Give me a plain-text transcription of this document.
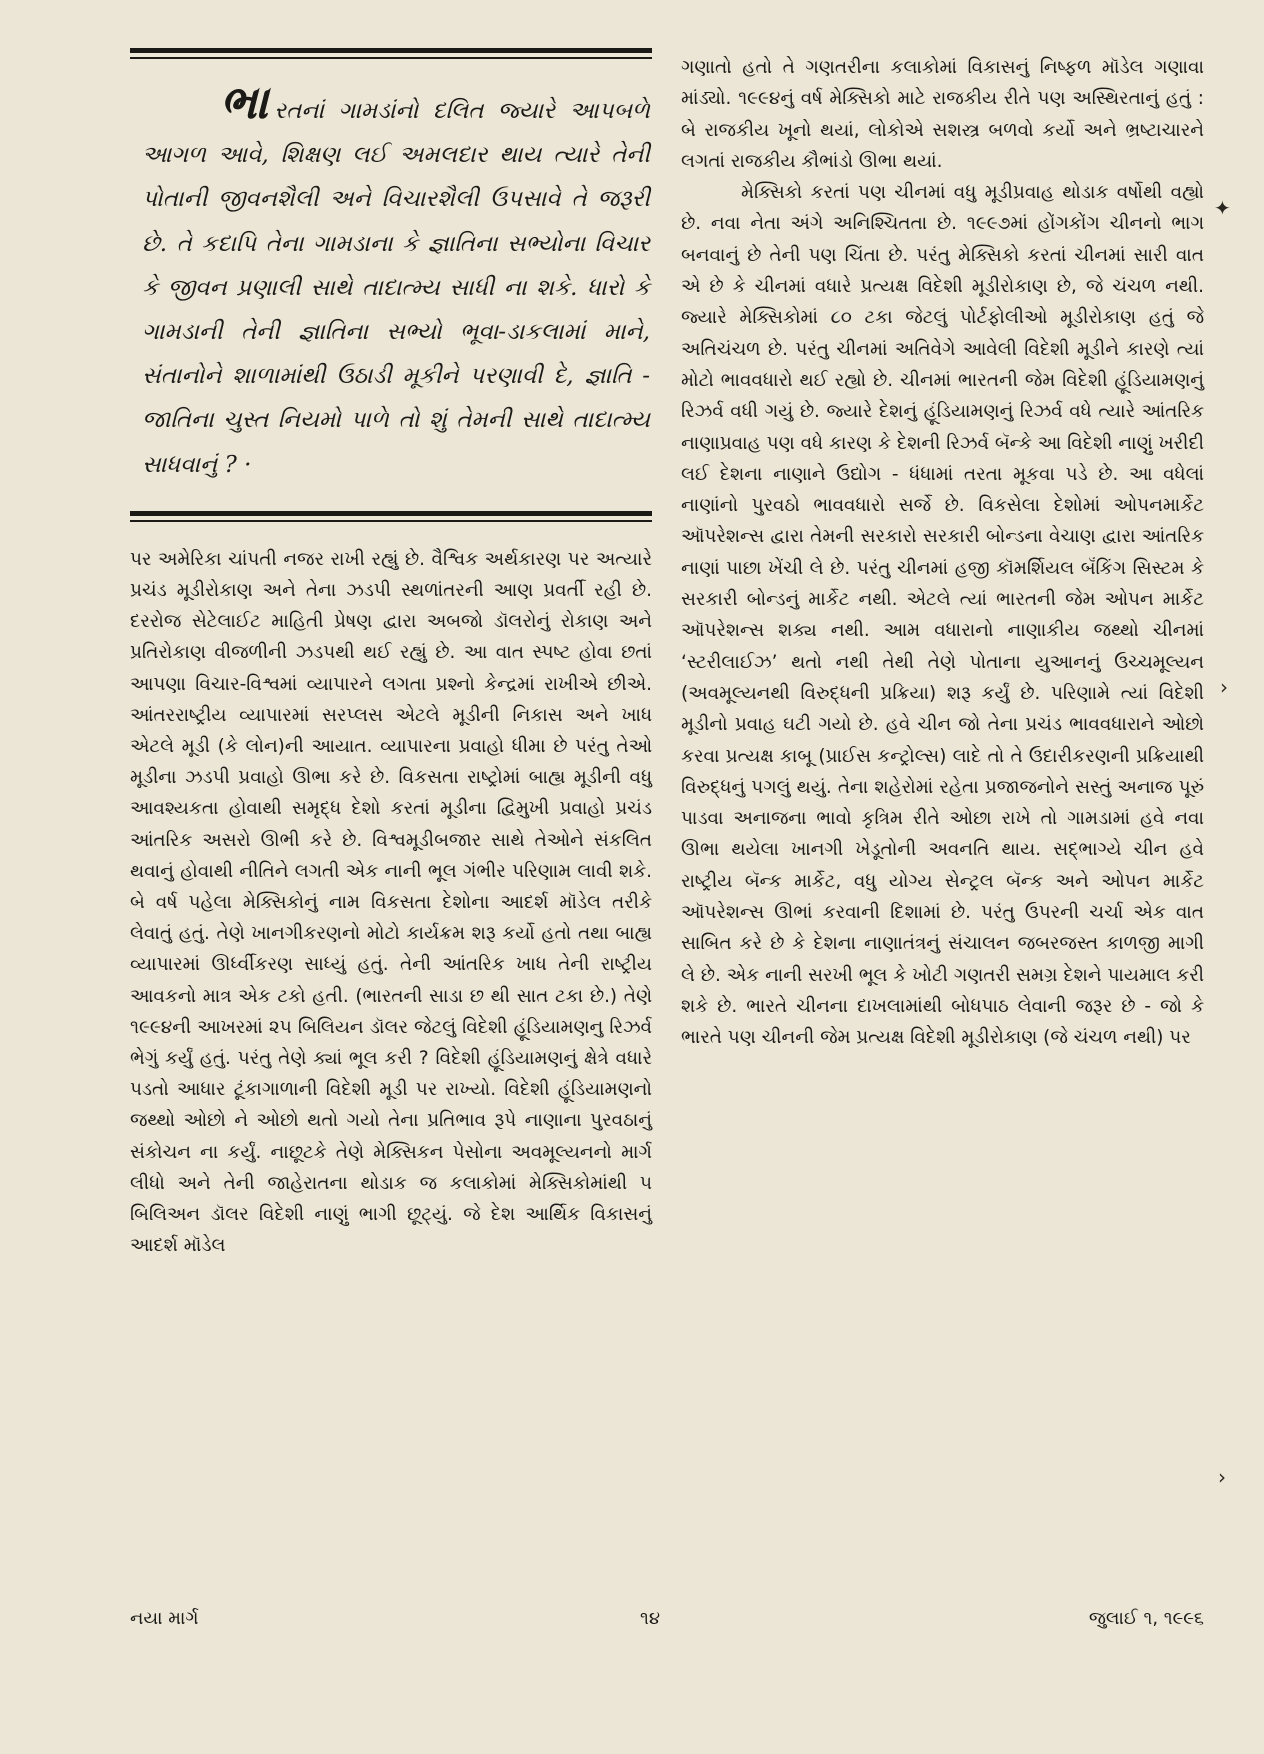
ભારતનાં ગામડાંનો દલિત જ્યારે આપબળે આગળ આવે, શિક્ષણ લઈ અમલદાર થાય ત્યારે તેની પોતાની જીવનશૈલી અને વિચારશૈલી ઉપસાવે તે જરૂરી છે. તે કદાપિ તેના ગામડાના કે જ્ઞાતિના સભ્યોના વિચાર કે જીવન પ્રણાલી સાથે તાદાત્મ્ય સાધી ના શકે. ધારો કે ગામડાની તેની જ્ઞાતિના સભ્યો ભૂવા-ડાકલામાં માને, સંતાનોને શાળામાંથી ઉઠાડી મૂકીને પરણાવી દે, જ્ઞાતિ - જાતિના ચુસ્ત નિયમો પાળે તો શું તેમની સાથે તાદાત્મ્ય સાધવાનું ? ·
પર અમેરિકા ચાંપતી નજર રાખી રહ્યું છે. વૈશ્વિક અર્થકારણ પર અત્યારે પ્રચંડ મૂડીરોકાણ અને તેના ઝડપી સ્થળાંતરની આણ પ્રવર્તી રહી છે. દરરોજ સેટેલાઈટ માહિતી પ્રેષણ દ્વારા અબજો ડૉલરોનું રોકાણ અને પ્રતિરોકાણ વીજળીની ઝડપથી થઈ રહ્યું છે. આ વાત સ્પષ્ટ હોવા છતાં આપણા વિચાર-વિશ્વમાં વ્યાપારને લગતા પ્રશ્નો કેન્દ્રમાં રાખીએ છીએ. આંતરરાષ્ટ્રીય વ્યાપારમાં સરપ્લસ એટલે મૂડીની નિકાસ અને ખાધ એટલે મૂડી (કે લોન)ની આયાત. વ્યાપારના પ્રવાહો ધીમા છે પરંતુ તેઓ મૂડીના ઝડપી પ્રવાહો ઊભા કરે છે. વિકસતા રાષ્ટ્રોમાં બાહ્ય મૂડીની વધુ આવશ્યકતા હોવાથી સમૃદ્ધ દેશો કરતાં મૂડીના દ્વિમુખી પ્રવાહો પ્રચંડ આંતરિક અસરો ઊભી કરે છે. વિશ્વમૂડીબજાર સાથે તેઓને સંકલિત થવાનું હોવાથી નીતિને લગતી એક નાની ભૂલ ગંભીર પરિણામ લાવી શકે. બે વર્ષ પહેલા મેક્સિકોનું નામ વિકસતા દેશોના આદર્શ મૉડેલ તરીકે લેવાતું હતું. તેણે ખાનગીકરણનો મોટો કાર્યક્રમ શરૂ કર્યો હતો તથા બાહ્ય વ્યાપારમાં ઊર્ધ્વીકરણ સાધ્યું હતું. તેની આંતરિક ખાધ તેની રાષ્ટ્રીય આવકનો માત્ર એક ટકો હતી. (ભારતની સાડા છ થી સાત ટકા છે.) તેણે ૧૯૯૪ની આખરમાં ૨૫ બિલિયન ડૉલર જેટલું વિદેશી હૂંડિયામણનુ રિઝર્વ ભેગું કર્યું હતું. પરંતુ તેણે ક્યાં ભૂલ કરી ? વિદેશી હૂંડિયામણનું ક્ષેત્રે વધારે પડતો આધાર ટૂંકાગાળાની વિદેશી મૂડી પર રાખ્યો. વિદેશી હૂંડિયામણનો જથ્થો ઓછો ને ઓછો થતો ગયો તેના પ્રતિભાવ રૂપે નાણાના પુરવઠાનું સંકોચન ના કર્યું. નાછૂટકે તેણે મેક્સિકન પેસોના અવમૂલ્યનનો માર્ગ લીધો અને તેની જાહેરાતના થોડાક જ કલાકોમાં મેક્સિકોમાંથી ૫ બિલિઅન ડૉલર વિદેશી નાણું ભાગી છૂટ્યું. જે દેશ આર્થિક વિકાસનું આદર્શ મૉડેલ

ગણાતો હતો તે ગણતરીના કલાકોમાં વિકાસનું નિષ્ફળ મૉડેલ ગણાવા માંડ્યો. ૧૯૯૪નું વર્ષ મેક્સિકો માટે રાજકીય રીતે પણ અસ્થિરતાનું હતું : બે રાજકીય ખૂનો થયાં, લોકોએ સશસ્ત્ર બળવો કર્યો અને ભ્રષ્ટાચારને લગતાં રાજકીય કૌભાંડો ઊભા થયાં.

મેક્સિકો કરતાં પણ ચીનમાં વધુ મૂડીપ્રવાહ થોડાક વર્ષોથી વહ્યો છે. નવા નેતા અંગે અનિશ્ચિતતા છે. ૧૯૯૭માં હોંગકોંગ ચીનનો ભાગ બનવાનું છે તેની પણ ચિંતા છે. પરંતુ મેક્સિકો કરતાં ચીનમાં સારી વાત એ છે કે ચીનમાં વધારે પ્રત્યક્ષ વિદેશી મૂડીરોકાણ છે, જે ચંચળ નથી. જ્યારે મેક્સિકોમાં ૮૦ ટકા જેટલું પોર્ટફોલીઓ મૂડીરોકાણ હતું જે અતિચંચળ છે. પરંતુ ચીનમાં અતિવેગે આવેલી વિદેશી મૂડીને કારણે ત્યાં મોટો ભાવવધારો થઈ રહ્યો છે. ચીનમાં ભારતની જેમ વિદેશી હૂંડિયામણનું રિઝર્વ વધી ગયું છે. જ્યારે દેશનું હૂંડિયામણનું રિઝર્વ વધે ત્યારે આંતરિક નાણાપ્રવાહ પણ વધે કારણ કે દેશની રિઝર્વ બૅન્કે આ વિદેશી નાણું ખરીદી લઈ દેશના નાણાને ઉદ્યોગ - ધંધામાં તરતા મૂકવા પડે છે. આ વધેલાં નાણાંનો પુરવઠો ભાવવધારો સર્જે છે. વિકસેલા દેશોમાં ઓપનમાર્કેટ ઑપરેશન્સ દ્વારા તેમની સરકારો સરકારી બોન્ડના વેચાણ દ્વારા આંતરિક નાણાં પાછા ખેંચી લે છે. પરંતુ ચીનમાં હજી કૉમર્શિયલ બૅંકિંગ સિસ્ટમ કે સરકારી બોન્ડનું માર્કેટ નથી. એટલે ત્યાં ભારતની જેમ ઓપન માર્કેટ ઑપરેશન્સ શક્ય નથી. આમ વધારાનો નાણાકીય જથ્થો ચીનમાં ‘સ્ટરીલાઈઝ’ થતો નથી તેથી તેણે પોતાના યુઆનનું ઉચ્ચમૂલ્યન (અવમૂલ્યનથી વિરુદ્ધની પ્રક્રિયા) શરૂ કર્યું છે. પરિણામે ત્યાં વિદેશી મૂડીનો પ્રવાહ ઘટી ગયો છે. હવે ચીન જો તેના પ્રચંડ ભાવવધારાને ઓછો કરવા પ્રત્યક્ષ કાબૂ (પ્રાઈસ કન્ટ્રોલ્સ) લાદે તો તે ઉદારીકરણની પ્રક્રિયાથી વિરુદ્ધનું પગલું થયું. તેના શહેરોમાં રહેતા પ્રજાજનોને સસ્તું અનાજ પૂરું પાડવા અનાજના ભાવો કૃત્રિમ રીતે ઓછા રાખે તો ગામડામાં હવે નવા ઊભા થયેલા ખાનગી ખેડૂતોની અવનતિ થાય. સદ્ભાગ્યે ચીન હવે રાષ્ટ્રીય બૅન્ક માર્કેટ, વધુ યોગ્ય સેન્ટ્રલ બૅન્ક અને ઓપન માર્કેટ ઑપરેશન્સ ઊભાં કરવાની દિશામાં છે. પરંતુ ઉપરની ચર્ચા એક વાત સાબિત કરે છે કે દેશના નાણાતંત્રનું સંચાલન જબરજસ્ત કાળજી માગી લે છે. એક નાની સરખી ભૂલ કે ખોટી ગણતરી સમગ્ર દેશને પાયમાલ કરી શકે છે. ભારતે ચીનના દાખલામાંથી બોધપાઠ લેવાની જરૂર છે - જો કે ભારતે પણ ચીનની જેમ પ્રત્યક્ષ વિદેશી મૂડીરોકાણ (જે ચંચળ નથી) પર

નયા માર્ગ	૧૪	જુલાઈ ૧, ૧૯૯૬
✦
›
›
